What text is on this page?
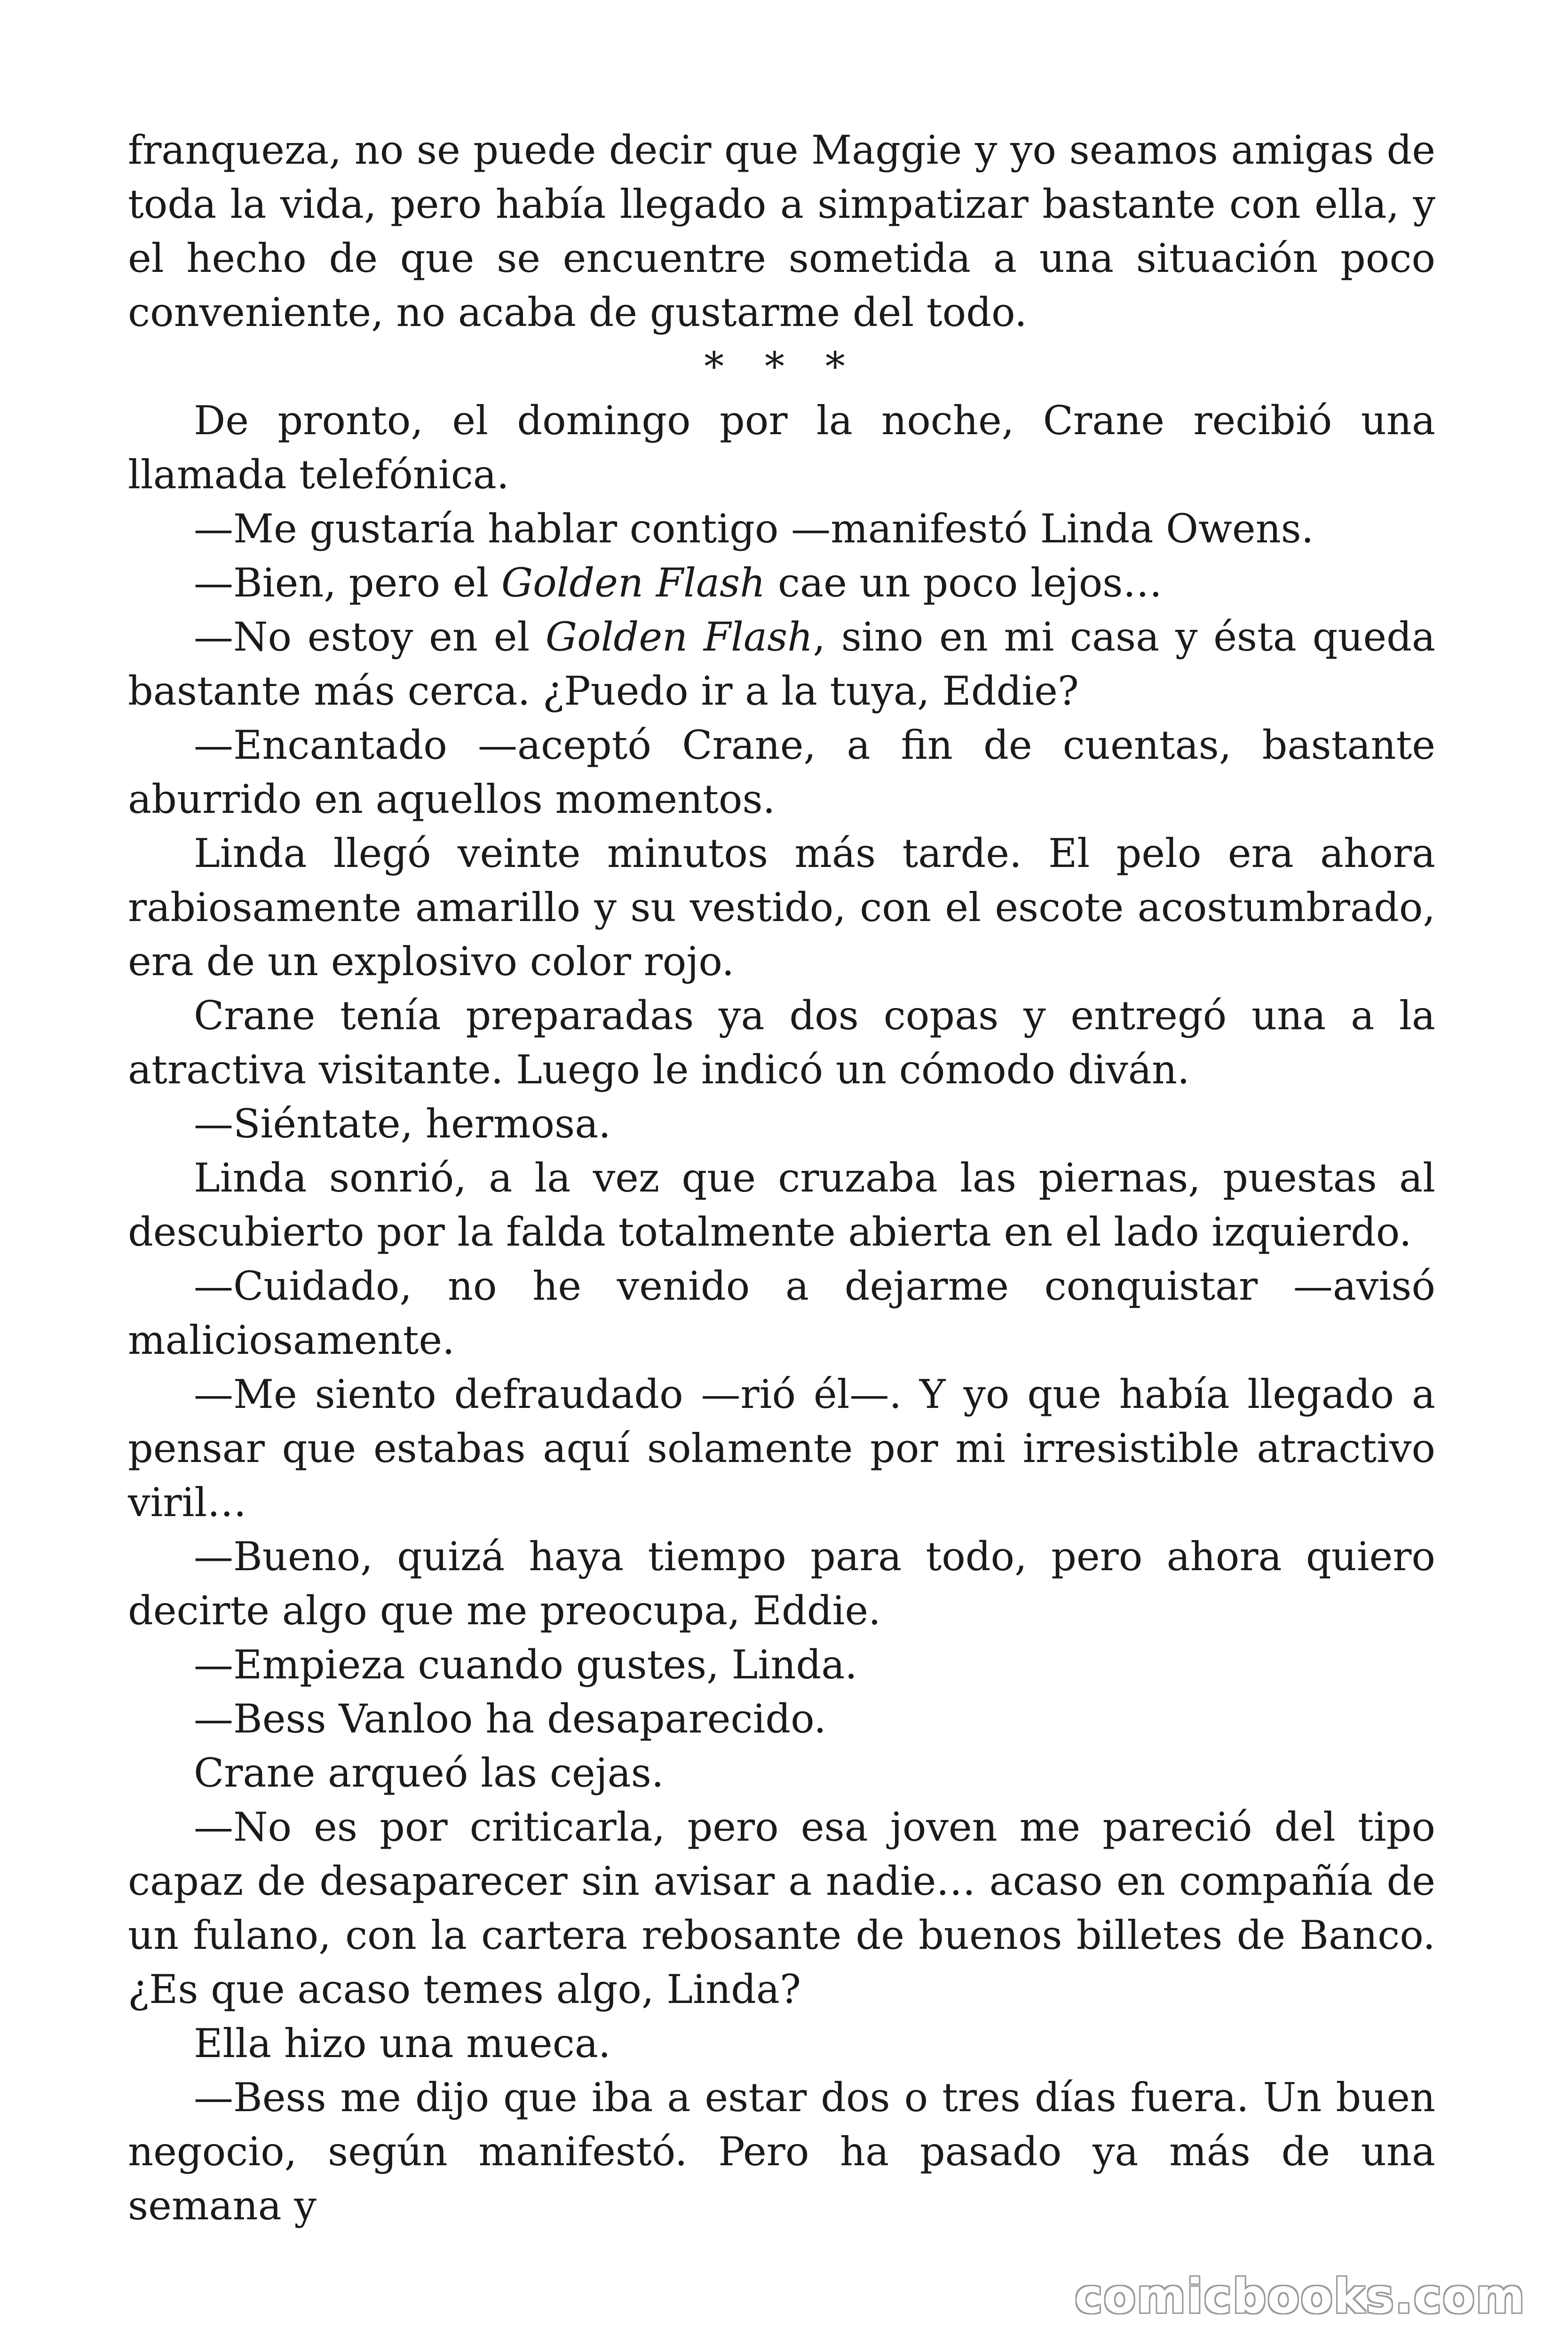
franqueza, no se puede decir que Maggie y yo seamos amigas de toda la vida, pero había llegado a simpatizar bastante con ella, y el hecho de que se encuentre sometida a una situación poco conveniente, no acaba de gustarme del todo.

* * *

De pronto, el domingo por la noche, Crane recibió una llamada telefónica.

—Me gustaría hablar contigo —manifestó Linda Owens.

—Bien, pero el Golden Flash cae un poco lejos…

—No estoy en el Golden Flash, sino en mi casa y ésta queda bastante más cerca. ¿Puedo ir a la tuya, Eddie?

—Encantado —aceptó Crane, a fin de cuentas, bastante aburrido en aquellos momentos.

Linda llegó veinte minutos más tarde. El pelo era ahora rabiosamente amarillo y su vestido, con el escote acostumbrado, era de un explosivo color rojo.

Crane tenía preparadas ya dos copas y entregó una a la atractiva visitante. Luego le indicó un cómodo diván.

—Siéntate, hermosa.

Linda sonrió, a la vez que cruzaba las piernas, puestas al descubierto por la falda totalmente abierta en el lado izquierdo.

—Cuidado, no he venido a dejarme conquistar —avisó maliciosamente.

—Me siento defraudado —rió él—. Y yo que había llegado a pensar que estabas aquí solamente por mi irresistible atractivo viril…

—Bueno, quizá haya tiempo para todo, pero ahora quiero decirte algo que me preocupa, Eddie.

—Empieza cuando gustes, Linda.

—Bess Vanloo ha desaparecido.

Crane arqueó las cejas.

—No es por criticarla, pero esa joven me pareció del tipo capaz de desaparecer sin avisar a nadie… acaso en compañía de un fulano, con la cartera rebosante de buenos billetes de Banco. ¿Es que acaso temes algo, Linda?

Ella hizo una mueca.

—Bess me dijo que iba a estar dos o tres días fuera. Un buen negocio, según manifestó. Pero ha pasado ya más de una semana y

comicbooks.com
